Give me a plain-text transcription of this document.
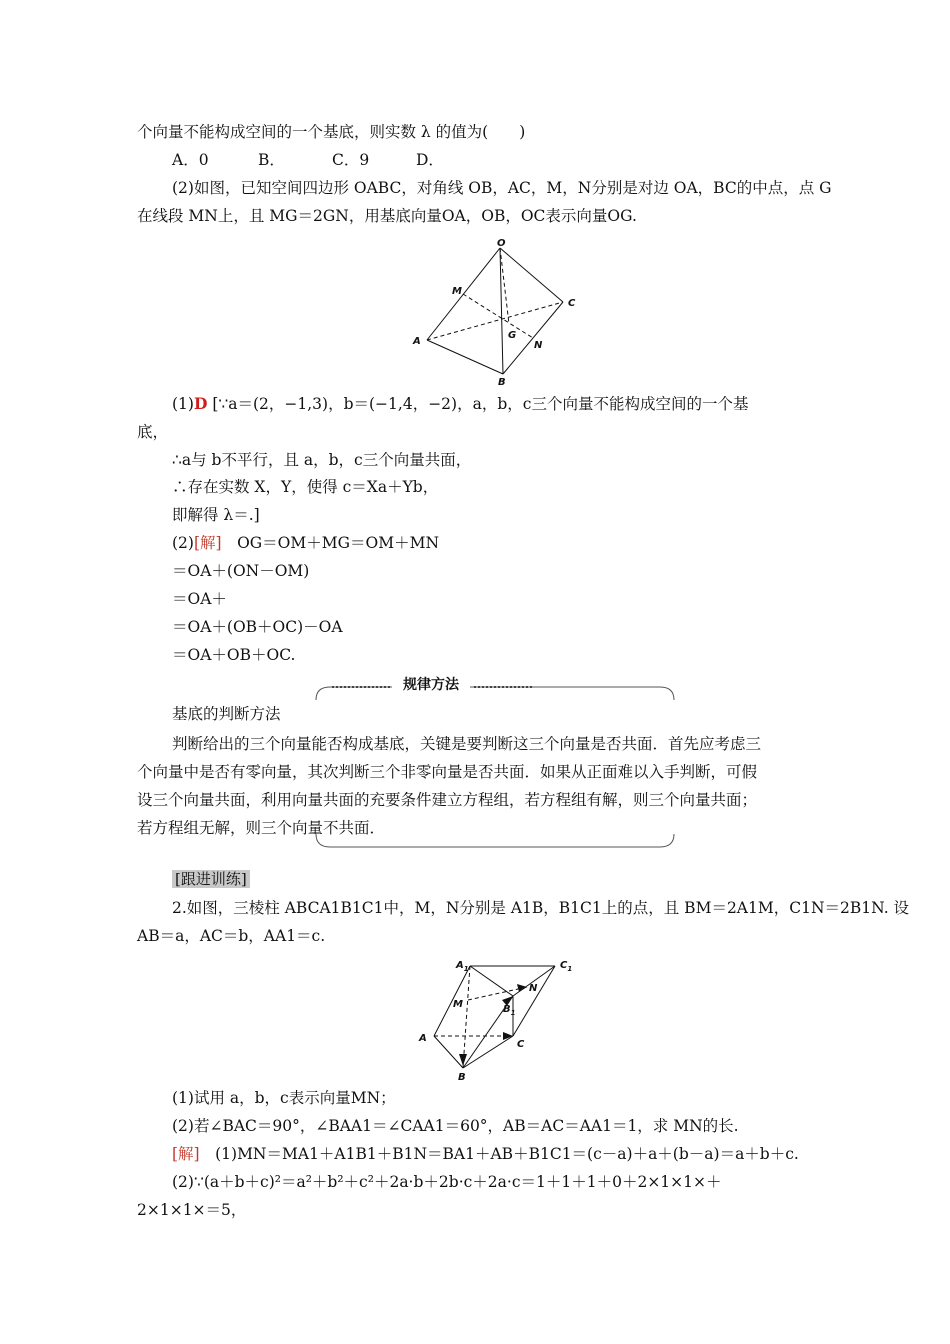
个向量不能构成空间的一个基底，则实数 λ 的值为(　　)
A．0	B．	C．9	D．
(2)如图，已知空间四边形 OABC，对角线 OB，AC，M，N分别是对边 OA，BC的中点，点 G
在线段 MN上，且 MG＝2GN，用基底向量OA，OB，OC表示向量OG.
O
M
C
A
G
N
B
(1)D [∵a＝(2，−1,3)，b＝(−1,4，−2)，a，b，c三个向量不能构成空间的一个基
底，
∴a与 b不平行，且 a，b，c三个向量共面，
∴存在实数 X，Y，使得 c＝Xa＋Yb，
即解得 λ＝.]
(2)[解]　OG＝OM＋MG＝OM＋MN
＝OA＋(ON－OM)
＝OA＋
＝OA＋(OB＋OC)－OA
＝OA＋OB＋OC.
规律方法
基底的判断方法
判断给出的三个向量能否构成基底，关键是要判断这三个向量是否共面．首先应考虑三
个向量中是否有零向量，其次判断三个非零向量是否共面．如果从正面难以入手判断，可假
设三个向量共面，利用向量共面的充要条件建立方程组，若方程组有解，则三个向量共面；
若方程组无解，则三个向量不共面．
[跟进训练]
2.如图，三棱柱 ABCA1B1C1中，M，N分别是 A1B，B1C1上的点，且 BM＝2A1M，C1N＝2B1N. 设
AB＝a，AC＝b，AA1＝c.
$A_1$	$C_1$
M
N
$B_1$
A
C
B
(1)试用 a，b，c表示向量MN；
(2)若∠BAC＝90°，∠BAA1＝∠CAA1＝60°，AB＝AC＝AA1＝1，求 MN的长.
[解]　(1)MN＝MA1＋A1B1＋B1N＝BA1＋AB＋B1C1＝(c－a)＋a＋(b－a)＝a＋b＋c.
(2)∵(a＋b＋c)²＝a²＋b²＋c²＋2a·b＋2b·c＋2a·c＝1＋1＋1＋0＋2×1×1×＋
2×1×1×＝5，
